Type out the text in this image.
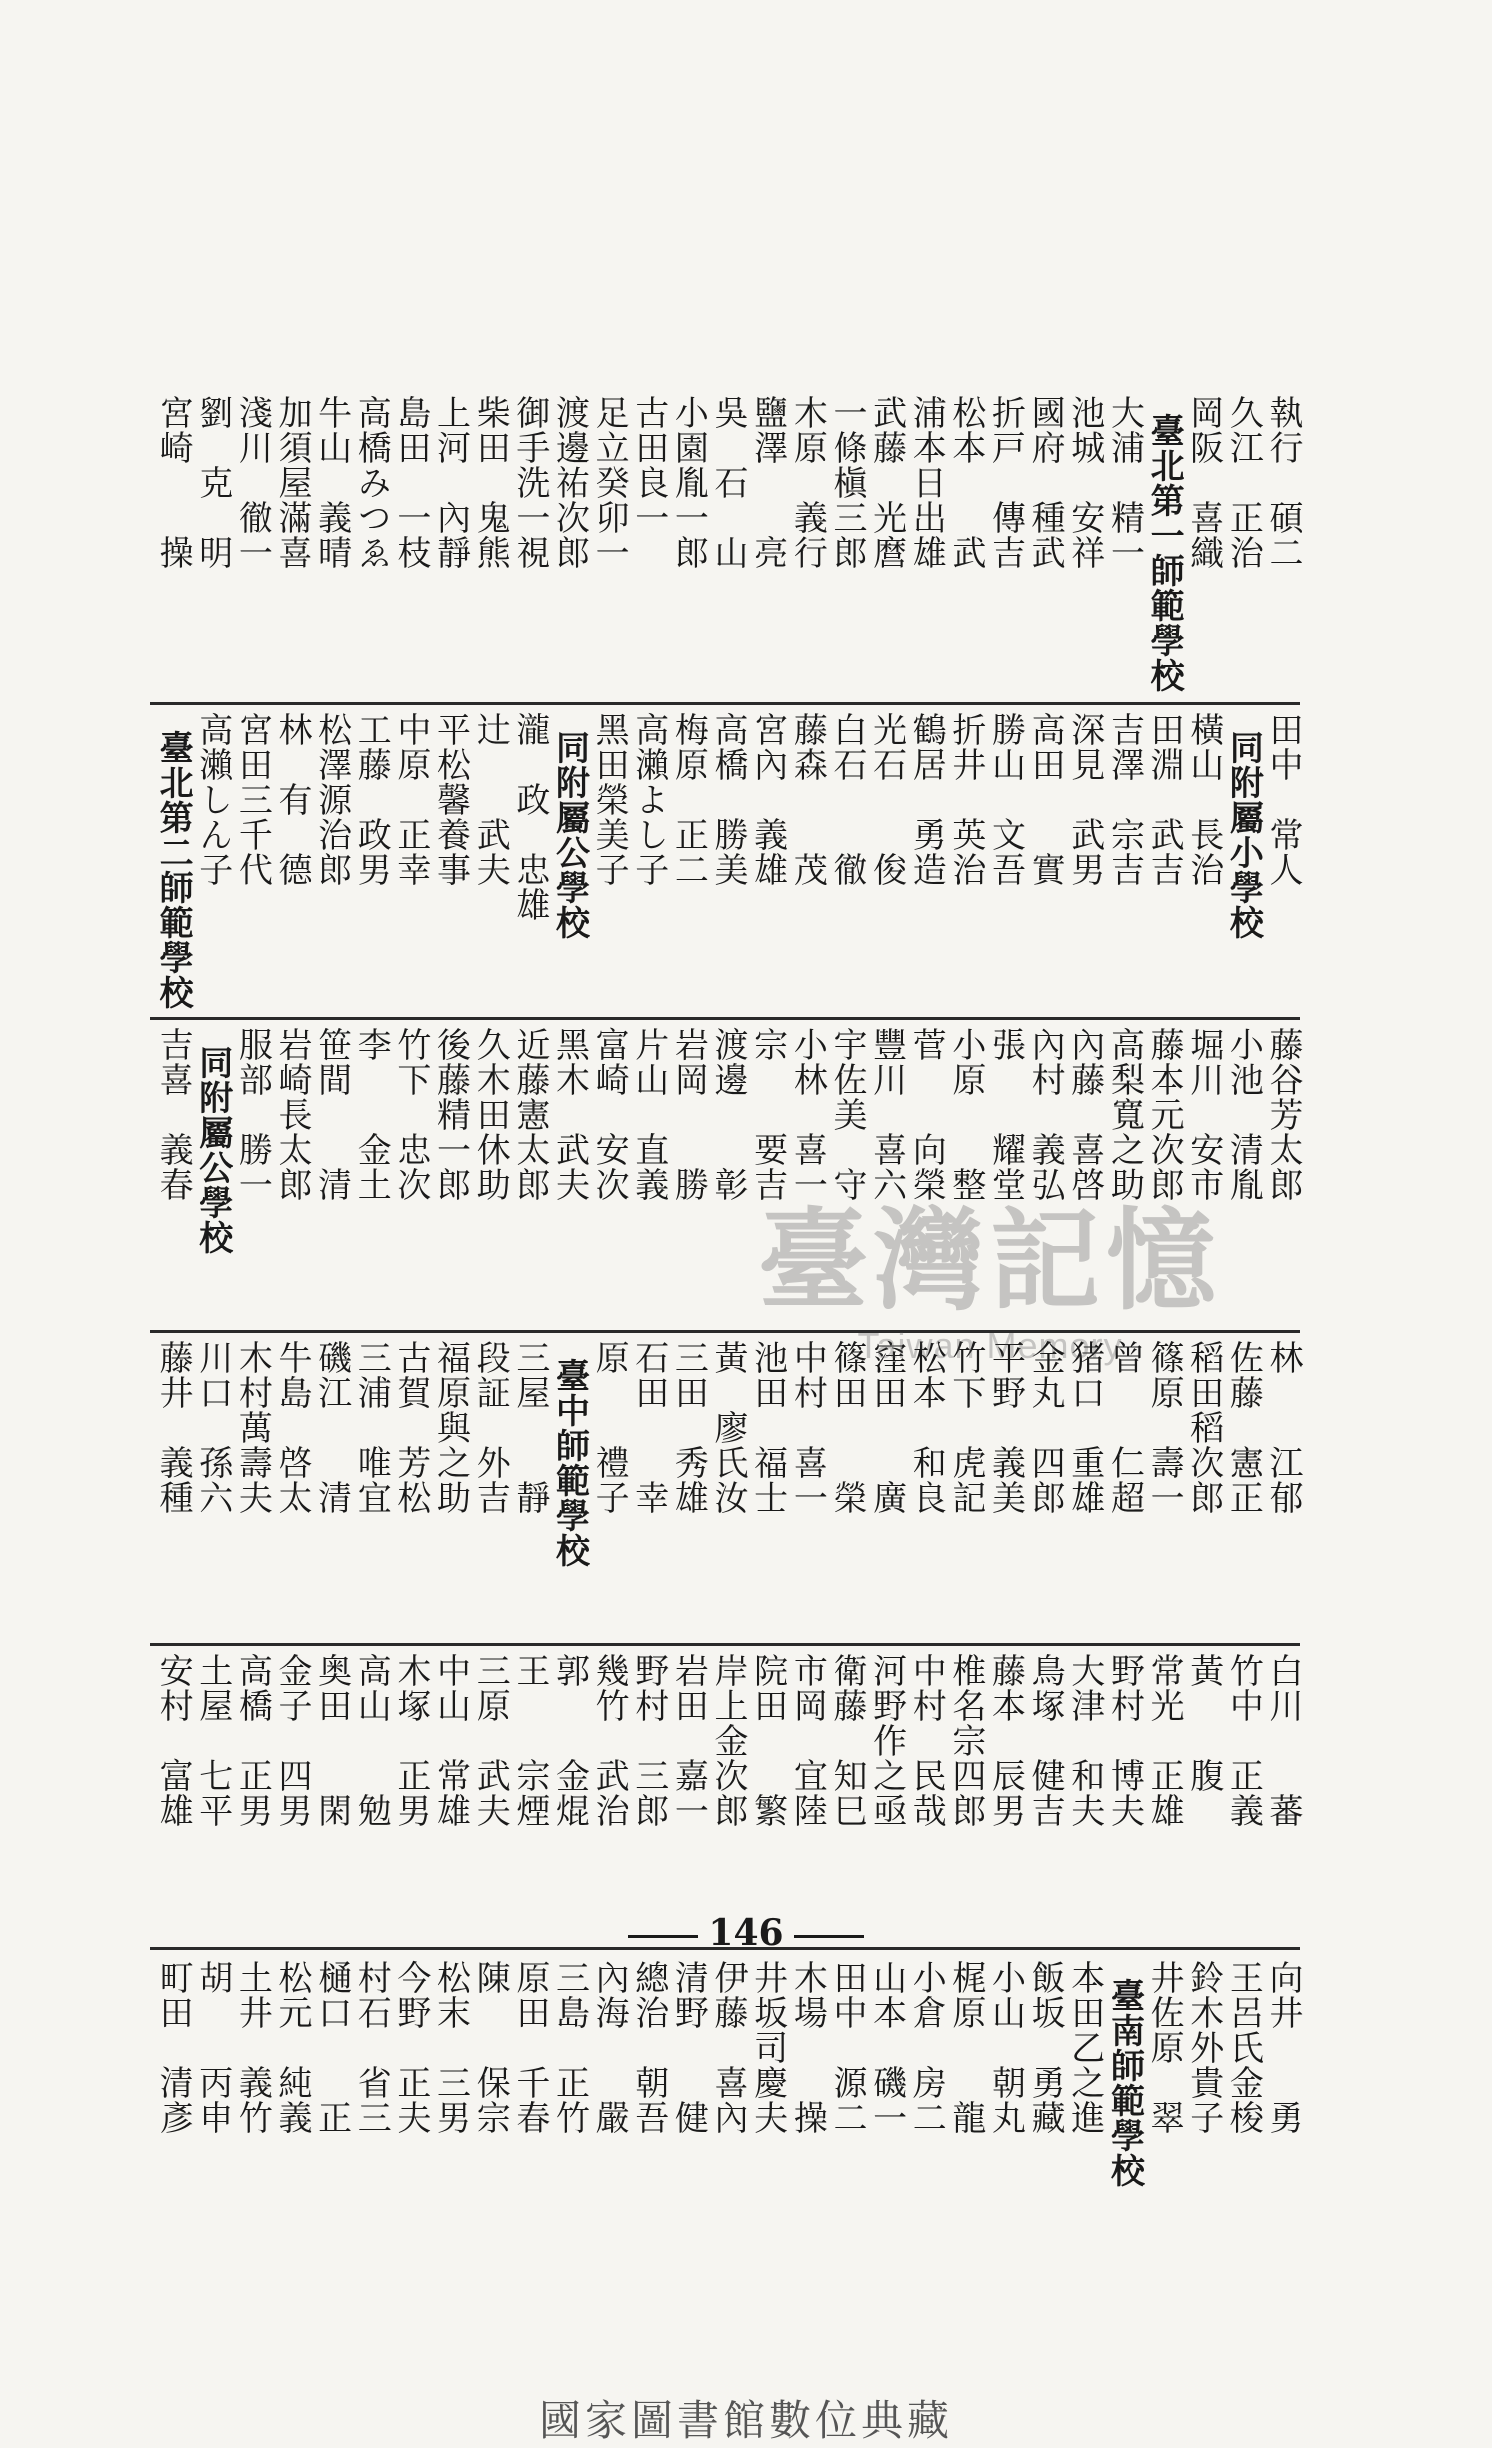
執行　碩二
久江　正治
岡阪　喜織
臺北第一師範學校
大浦　精一
池城　安祥
國府　種武
折戸　傳吉
松本　　武
浦本日出雄
武藤　光麿
一條槇三郎
木原　義行
鹽澤　　亮
吳　石　山
小園胤一郎
古田良一
足立癸卯一
渡邊祐次郎
御手洗一視
柴田　鬼熊
上河　內靜
島田　一枝
高橋みつゑ
牛山　義晴
加須屋滿喜
淺川　徹一
劉　克　明
宮崎　　操
田中　常人
同附屬小學校
橫山　長治
田淵　武吉
吉澤　宗吉
深見　武男
高田　　實
勝山　文吾
折井　英治
鶴居　勇造
光石　　俊
白石　　徹
藤森　　茂
宮內　義雄
高橋　勝美
梅原　正二
高瀨よし子
黑田榮美子
同附屬公學校
瀧　政　忠雄
辻　　武夫
平松馨養事
中原　正幸
工藤　政男
松澤源治郎
林　有　德
宮田三千代
高瀨しん子
臺北第二師範學校
藤谷芳太郎
小池　清胤
堀川　安市
藤本元次郎
高梨寬之助
內藤　喜啓
內村　義弘
張　　耀堂
小原　　整
菅　　向榮
豐川　喜六
宇佐美　守
小林　喜一
宗　　要吉
渡邊　　彰
岩岡　　勝
片山　直義
富崎　安次
黑木　武夫
近藤憲太郎
久木田休助
後藤精一郎
竹下　忠次
李　　金土
笹間　　清
岩崎長太郎
服部　勝一
同附屬公學校
吉喜　義春
林　　江郁
佐藤　憲正
稻田稻次郎
篠原　壽一
曾　　仁超
猪口　重雄
金丸　四郎
平野　義美
竹下　虎記
松本　和良
窪田　　廣
篠田　　榮
中村　喜一
池田　福士
黃　廖氏汝
三田　秀雄
石田　　幸
原　　禮子
臺中師範學校
三屋　　靜
段証　外吉
福原與之助
古賀　芳松
三浦　唯宜
磯江　　清
牛島　啓太
木村萬壽夫
川口　孫六
藤井　義種
白川　　蕃
竹中　正義
黃　　腹
常光　正雄
野村　博夫
大津　和夫
鳥塚　健吉
藤本　辰男
椎名宗四郎
中村　民哉
河野作之亟
衛藤　知巳
市岡　宜陸
院田　　繁
岸上金次郎
岩田　嘉一
野村　三郎
幾竹　武治
郭　　金焜
王　　宗煙
三原　武夫
中山　常雄
木塚　正男
高山　　勉
奥田　　閑
金子　四男
高橋　正男
土屋　七平
安村　富雄
向井　　勇
王呂氏金梭
鈴木外貴子
井佐原　翠
臺南師範學校
本田乙之進
飯坂　勇藏
小山　朝丸
梶原　　龍
小倉　房二
山本　磯一
田中　源二
木場　　操
井坂司慶夫
伊藤　喜內
清野　　健
總治　朝吾
內海　　嚴
三島　正竹
原田　千春
陳　　保宗
松末　三男
今野　正夫
村石　省三
樋口　　正
松元　純義
土井　義竹
胡　　丙申
町田　清彥
臺灣記憶
Taiwan Memory
146
國家圖書館數位典藏
